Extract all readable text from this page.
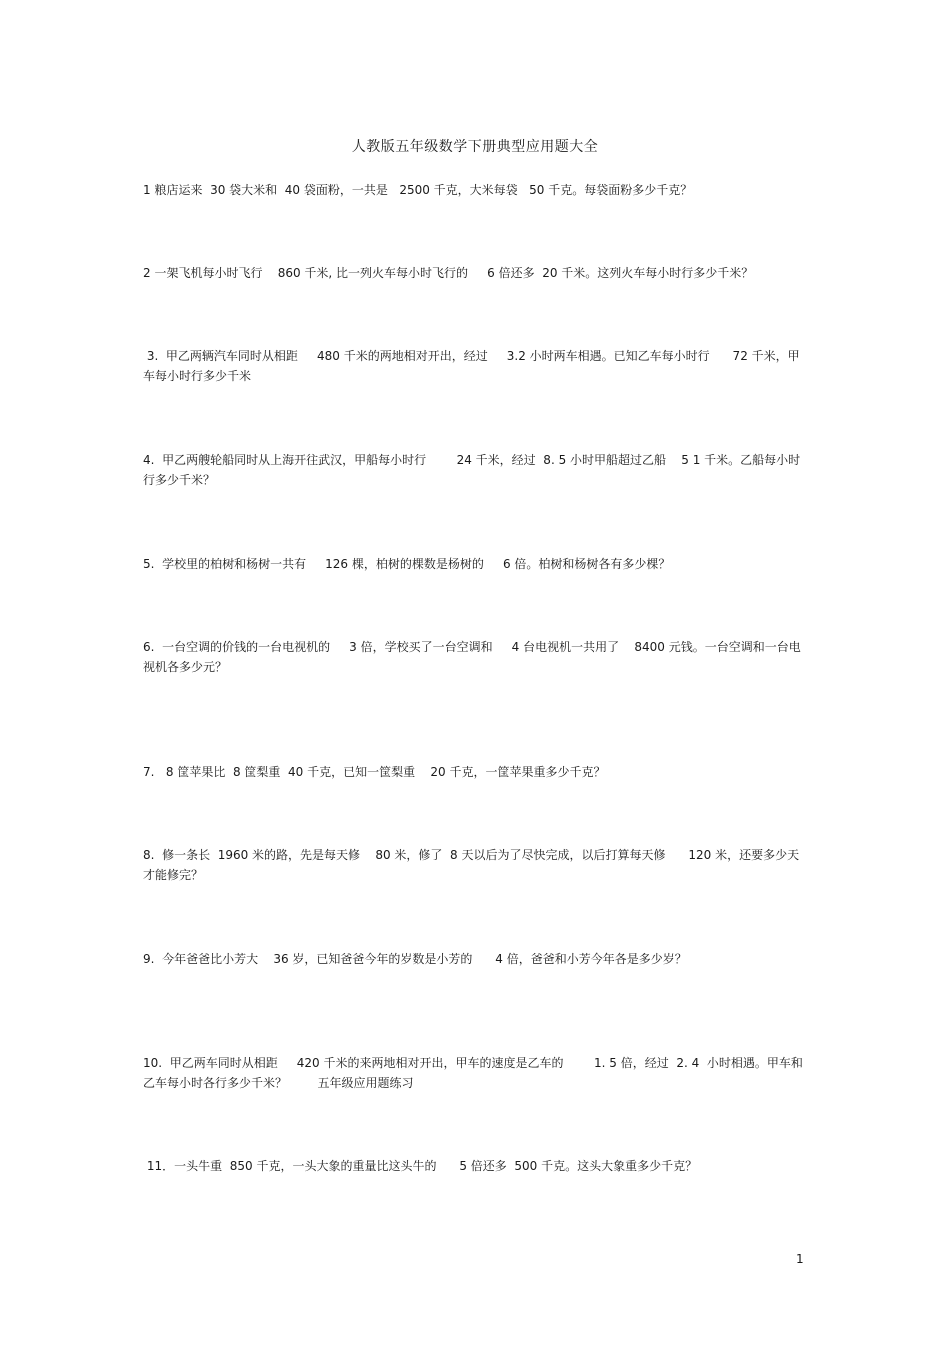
人教版五年级数学下册典型应用题大全
1 粮店运来  30 袋大米和  40 袋面粉，一共是   2500 千克，大米每袋   50 千克。每袋面粉多少千克？
2 一架飞机每小时飞行    860 千米, 比一列火车每小时飞行的     6 倍还多  20 千米。这列火车每小时行多少千米？
3.  甲乙两辆汽车同时从相距     480 千米的两地相对开出，经过     3.2 小时两车相遇。已知乙车每小时行      72 千米，甲车每小时行多少千米
4.  甲乙两艘轮船同时从上海开往武汉，甲船每小时行        24 千米，经过  8. 5 小时甲船超过乙船    5 1 千米。乙船每小时行多少千米？
5.  学校里的柏树和杨树一共有     126 棵，柏树的棵数是杨树的     6 倍。柏树和杨树各有多少棵？
6.  一台空调的价钱的一台电视机的     3 倍，学校买了一台空调和     4 台电视机一共用了    8400 元钱。一台空调和一台电视机各多少元？
7.   8 筐苹果比  8 筐梨重  40 千克，已知一筐梨重    20 千克，一筐苹果重多少千克？
8.  修一条长  1960 米的路，先是每天修    80 米，修了  8 天以后为了尽快完成，以后打算每天修      120 米，还要多少天才能修完？
9.  今年爸爸比小芳大    36 岁，已知爸爸今年的岁数是小芳的      4 倍，爸爸和小芳今年各是多少岁？
10.  甲乙两车同时从相距     420 千米的来两地相对开出，甲车的速度是乙车的        1. 5 倍，经过  2. 4  小时相遇。甲车和乙车每小时各行多少千米？        五年级应用题练习
11．一头牛重  850 千克，一头大象的重量比这头牛的      5 倍还多  500 千克。这头大象重多少千克？
1
